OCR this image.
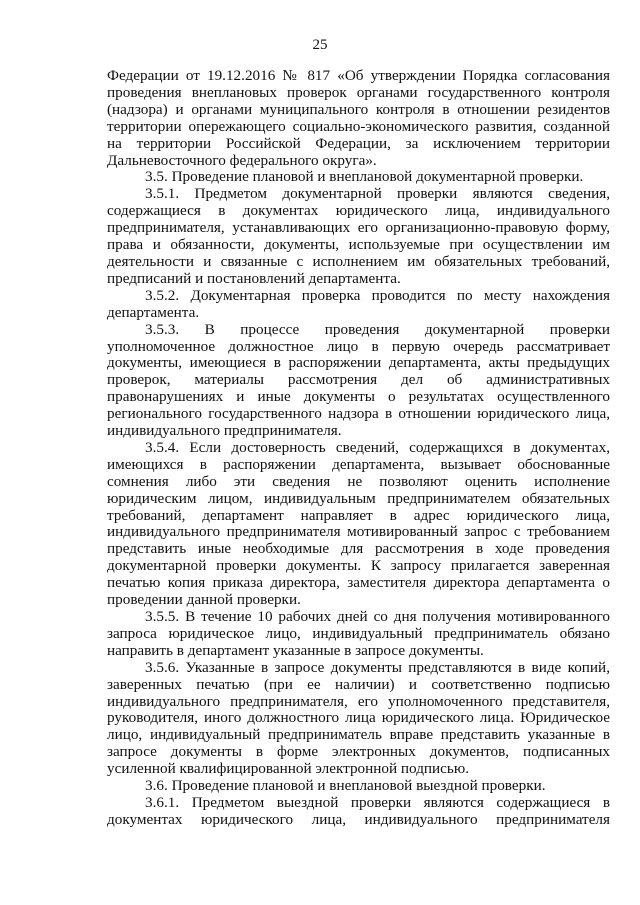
25

Федерации от 19.12.2016 № 817 «Об утверждении Порядка согласования проведения внеплановых проверок органами государственного контроля (надзора) и органами муниципального контроля в отношении резидентов территории опережающего социально-экономического развития, созданной на территории Российской Федерации, за исключением территории Дальневосточного федерального округа».

3.5. Проведение плановой и внеплановой документарной проверки.

3.5.1. Предметом документарной проверки являются сведения, содержащиеся в документах юридического лица, индивидуального предпринимателя, устанавливающих его организационно-правовую форму, права и обязанности, документы, используемые при осуществлении им деятельности и связанные с исполнением им обязательных требований, предписаний и постановлений департамента.

3.5.2. Документарная проверка проводится по месту нахождения департамента.

3.5.3. В процессе проведения документарной проверки уполномоченное должностное лицо в первую очередь рассматривает документы, имеющиеся в распоряжении департамента, акты предыдущих проверок, материалы рассмотрения дел об административных правонарушениях и иные документы о результатах осуществленного регионального государственного надзора в отношении юридического лица, индивидуального предпринимателя.

3.5.4. Если достоверность сведений, содержащихся в документах, имеющихся в распоряжении департамента, вызывает обоснованные сомнения либо эти сведения не позволяют оценить исполнение юридическим лицом, индивидуальным предпринимателем обязательных требований, департамент направляет в адрес юридического лица, индивидуального предпринимателя мотивированный запрос с требованием представить иные необходимые для рассмотрения в ходе проведения документарной проверки документы. К запросу прилагается заверенная печатью копия приказа директора, заместителя директора департамента о проведении данной проверки.

3.5.5. В течение 10 рабочих дней со дня получения мотивированного запроса юридическое лицо, индивидуальный предприниматель обязано направить в департамент указанные в запросе документы.

3.5.6. Указанные в запросе документы представляются в виде копий, заверенных печатью (при ее наличии) и соответственно подписью индивидуального предпринимателя, его уполномоченного представителя, руководителя, иного должностного лица юридического лица. Юридическое лицо, индивидуальный предприниматель вправе представить указанные в запросе документы в форме электронных документов, подписанных усиленной квалифицированной электронной подписью.

3.6. Проведение плановой и внеплановой выездной проверки.

3.6.1. Предметом выездной проверки являются содержащиеся в документах юридического лица, индивидуального предпринимателя
